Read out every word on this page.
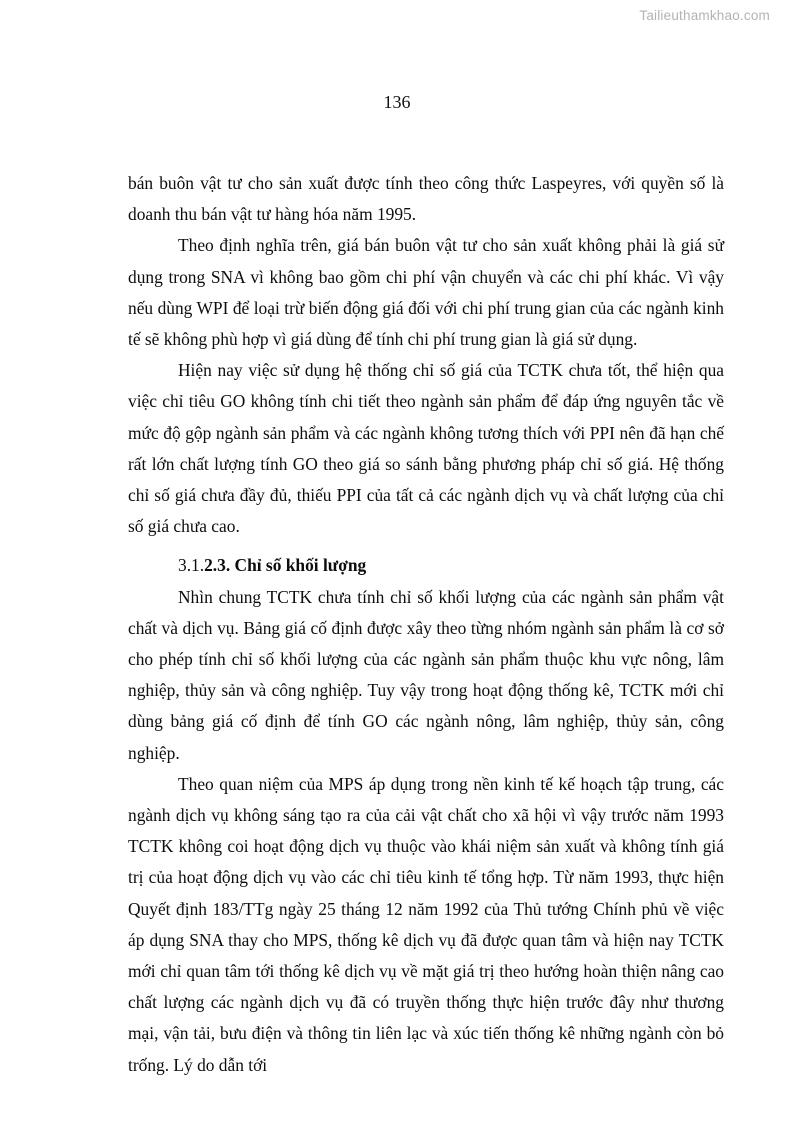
Tailieuthamkhao.com
136

bán buôn vật tư cho sản xuất được tính theo công thức Laspeyres, với quyền số là doanh thu bán vật tư hàng hóa năm 1995.

Theo định nghĩa trên, giá bán buôn vật tư cho sản xuất không phải là giá sử dụng trong SNA vì không bao gồm chi phí vận chuyển và các chi phí khác. Vì vậy nếu dùng WPI để loại trừ biến động giá đối với chi phí trung gian của các ngành kinh tế sẽ không phù hợp vì giá dùng để tính chi phí trung gian là giá sử dụng.

Hiện nay việc sử dụng hệ thống chỉ số giá của TCTK chưa tốt, thể hiện qua việc chỉ tiêu GO không tính chi tiết theo ngành sản phẩm để đáp ứng nguyên tắc về mức độ gộp ngành sản phẩm và các ngành không tương thích với PPI nên đã hạn chế rất lớn chất lượng tính GO theo giá so sánh bằng phương pháp chỉ số giá. Hệ thống chỉ số giá chưa đầy đủ, thiếu PPI của tất cả các ngành dịch vụ và chất lượng của chỉ số giá chưa cao.

3.1.2.3. Chỉ số khối lượng

Nhìn chung TCTK chưa tính chỉ số khối lượng của các ngành sản phẩm vật chất và dịch vụ. Bảng giá cố định được xây theo từng nhóm ngành sản phẩm là cơ sở cho phép tính chỉ số khối lượng của các ngành sản phẩm thuộc khu vực nông, lâm nghiệp, thủy sản và công nghiệp. Tuy vậy trong hoạt động thống kê, TCTK mới chỉ dùng bảng giá cố định để tính GO các ngành nông, lâm nghiệp, thủy sản, công nghiệp.

Theo quan niệm của MPS áp dụng trong nền kinh tế kế hoạch tập trung, các ngành dịch vụ không sáng tạo ra của cải vật chất cho xã hội vì vậy trước năm 1993 TCTK không coi hoạt động dịch vụ thuộc vào khái niệm sản xuất và không tính giá trị của hoạt động dịch vụ vào các chỉ tiêu kinh tế tổng hợp. Từ năm 1993, thực hiện Quyết định 183/TTg ngày 25 tháng 12 năm 1992 của Thủ tướng Chính phủ về việc áp dụng SNA thay cho MPS, thống kê dịch vụ đã được quan tâm và hiện nay TCTK mới chỉ quan tâm tới thống kê dịch vụ về mặt giá trị theo hướng hoàn thiện nâng cao chất lượng các ngành dịch vụ đã có truyền thống thực hiện trước đây như thương mại, vận tải, bưu điện và thông tin liên lạc và xúc tiến thống kê những ngành còn bỏ trống. Lý do dẫn tới
